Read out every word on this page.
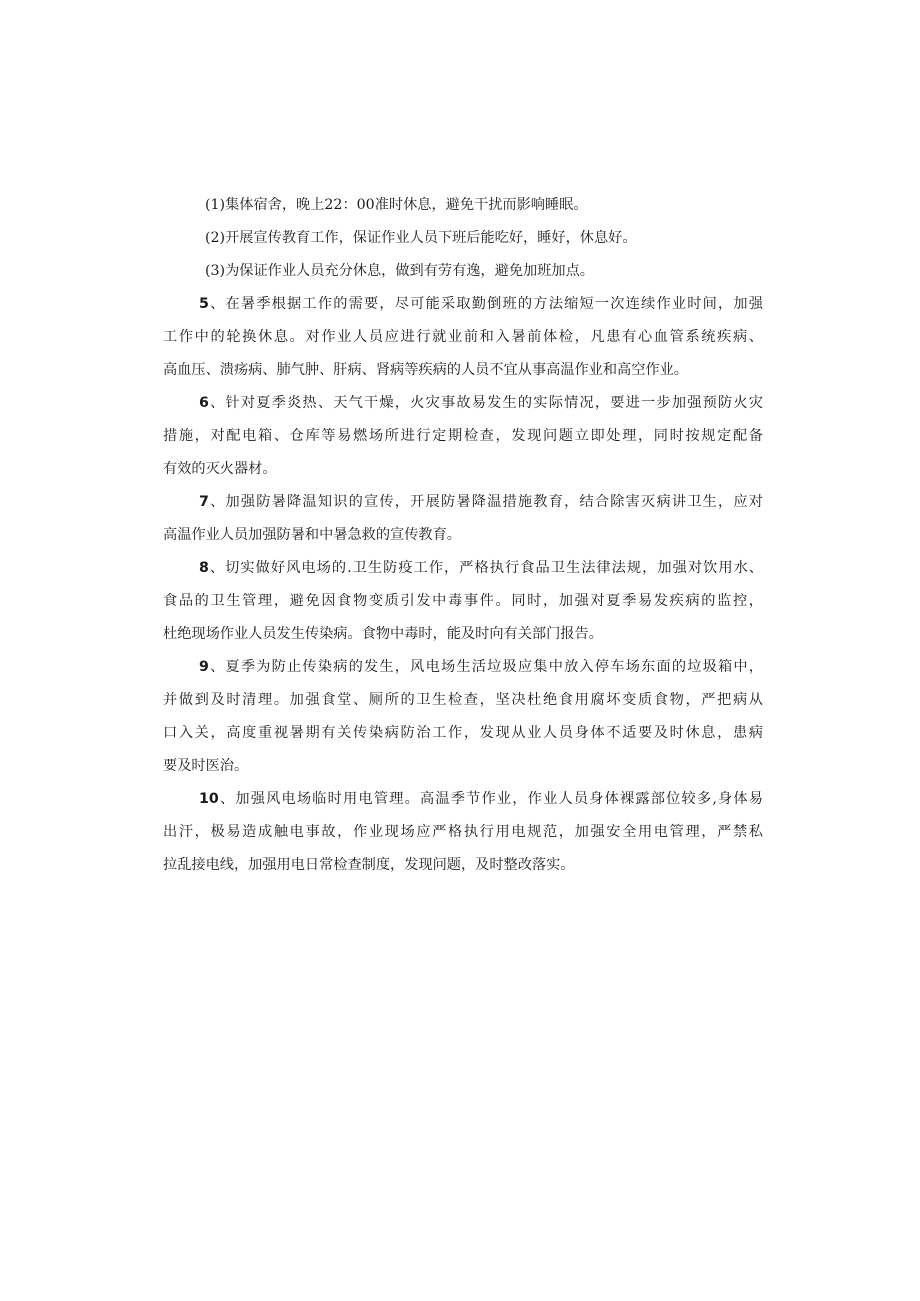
(1)集体宿舍，晚上22：00准时休息，避免干扰而影响睡眠。
(2)开展宣传教育工作，保证作业人员下班后能吃好，睡好，休息好。
(3)为保证作业人员充分休息，做到有劳有逸，避免加班加点。
5、在暑季根据工作的需要，尽可能采取勤倒班的方法缩短一次连续作业时间，加强
工作中的轮换休息。对作业人员应进行就业前和入暑前体检，凡患有心血管系统疾病、
高血压、溃疡病、肺气肿、肝病、肾病等疾病的人员不宜从事高温作业和高空作业。
6、针对夏季炎热、天气干燥，火灾事故易发生的实际情况，要进一步加强预防火灾
措施，对配电箱、仓库等易燃场所进行定期检查，发现问题立即处理，同时按规定配备
有效的灭火器材。
7、加强防暑降温知识的宣传，开展防暑降温措施教育，结合除害灭病讲卫生，应对
高温作业人员加强防暑和中暑急救的宣传教育。
8、切实做好风电场的.卫生防疫工作，严格执行食品卫生法律法规，加强对饮用水、
食品的卫生管理，避免因食物变质引发中毒事件。同时，加强对夏季易发疾病的监控，
杜绝现场作业人员发生传染病。食物中毒时，能及时向有关部门报告。
9、夏季为防止传染病的发生，风电场生活垃圾应集中放入停车场东面的垃圾箱中，
并做到及时清理。加强食堂、厕所的卫生检查，坚决杜绝食用腐坏变质食物，严把病从
口入关，高度重视暑期有关传染病防治工作，发现从业人员身体不适要及时休息，患病
要及时医治。
10、加强风电场临时用电管理。高温季节作业，作业人员身体裸露部位较多,身体易
出汗，极易造成触电事故，作业现场应严格执行用电规范，加强安全用电管理，严禁私
拉乱接电线，加强用电日常检查制度，发现问题，及时整改落实。
